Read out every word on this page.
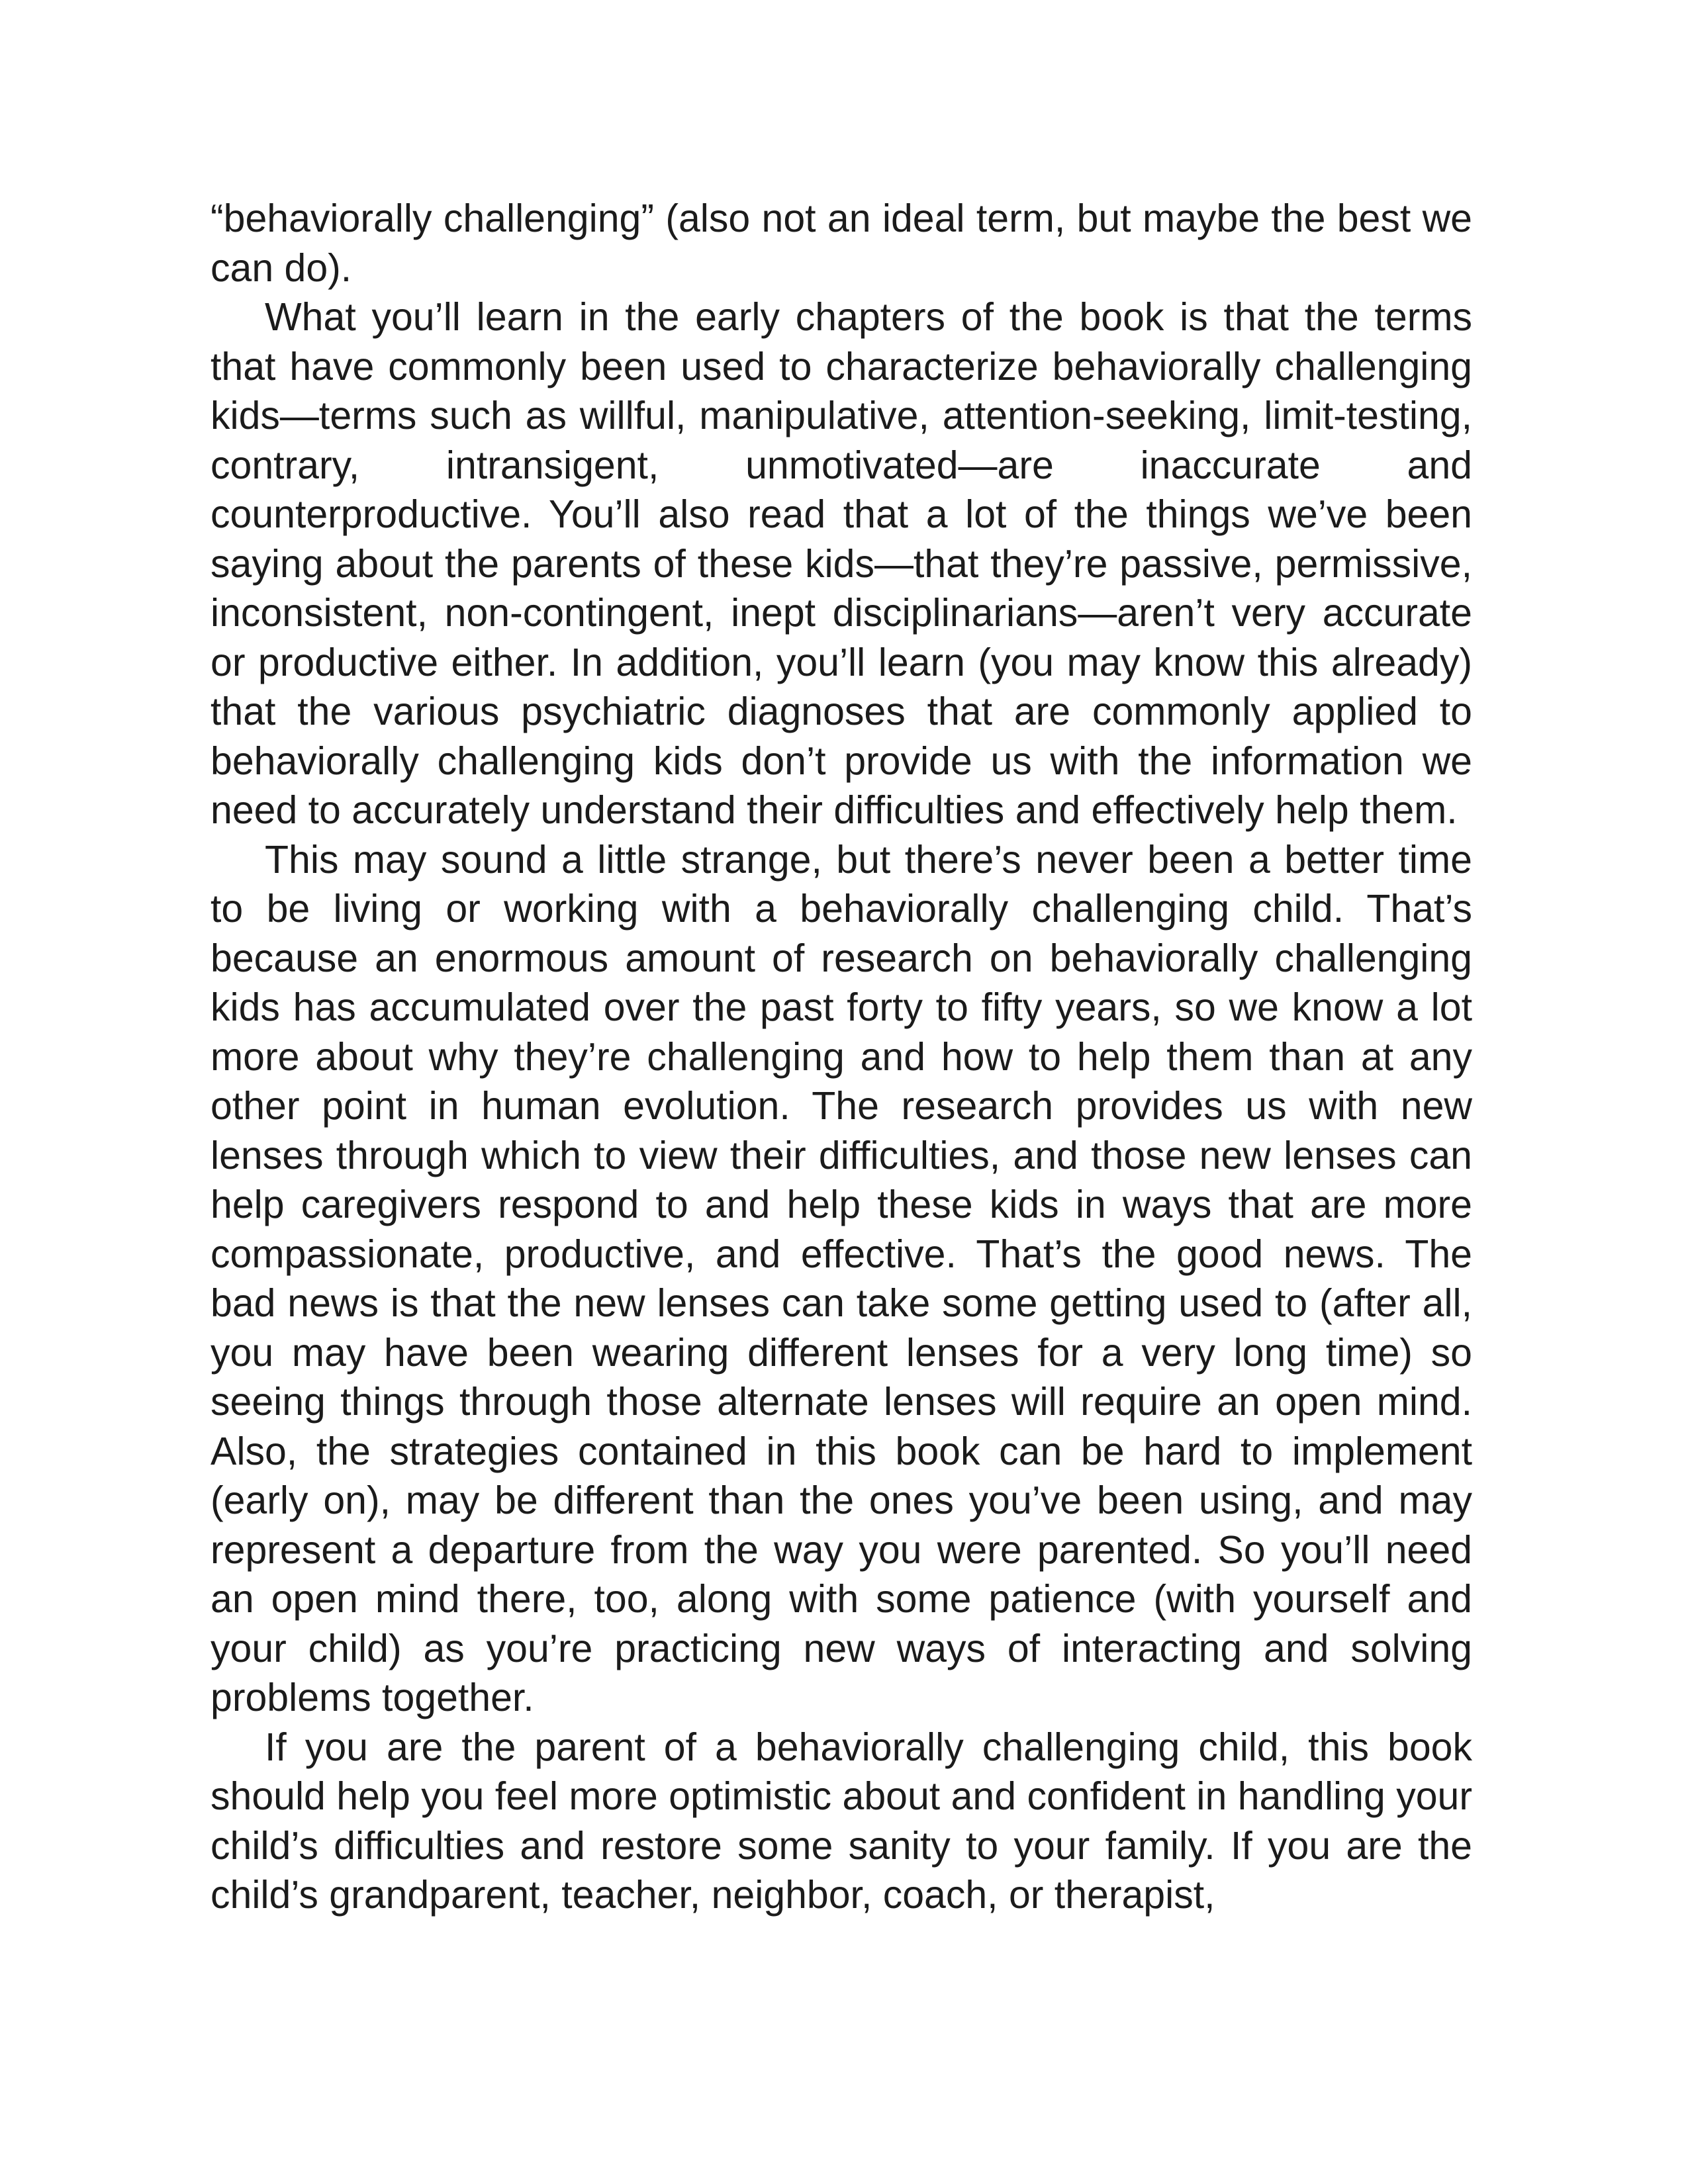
“behaviorally challenging” (also not an ideal term, but maybe the best we can do).

What you’ll learn in the early chapters of the book is that the terms that have commonly been used to characterize behaviorally challenging kids—terms such as willful, manipulative, attention-seeking, limit-testing, contrary, intransigent, unmotivated—are inaccurate and counterproductive. You’ll also read that a lot of the things we’ve been saying about the parents of these kids—that they’re passive, permissive, inconsistent, non-contingent, inept disciplinarians—aren’t very accurate or productive either. In addition, you’ll learn (you may know this already) that the various psychiatric diagnoses that are commonly applied to behaviorally challenging kids don’t provide us with the information we need to accurately understand their difficulties and effectively help them.

This may sound a little strange, but there’s never been a better time to be living or working with a behaviorally challenging child. That’s because an enormous amount of research on behaviorally challenging kids has accumulated over the past forty to fifty years, so we know a lot more about why they’re challenging and how to help them than at any other point in human evolution. The research provides us with new lenses through which to view their difficulties, and those new lenses can help caregivers respond to and help these kids in ways that are more compassionate, productive, and effective. That’s the good news. The bad news is that the new lenses can take some getting used to (after all, you may have been wearing different lenses for a very long time) so seeing things through those alternate lenses will require an open mind. Also, the strategies contained in this book can be hard to implement (early on), may be different than the ones you’ve been using, and may represent a departure from the way you were parented. So you’ll need an open mind there, too, along with some patience (with yourself and your child) as you’re practicing new ways of interacting and solving problems together.

If you are the parent of a behaviorally challenging child, this book should help you feel more optimistic about and confident in handling your child’s difficulties and restore some sanity to your family. If you are the child’s grandparent, teacher, neighbor, coach, or therapist,
